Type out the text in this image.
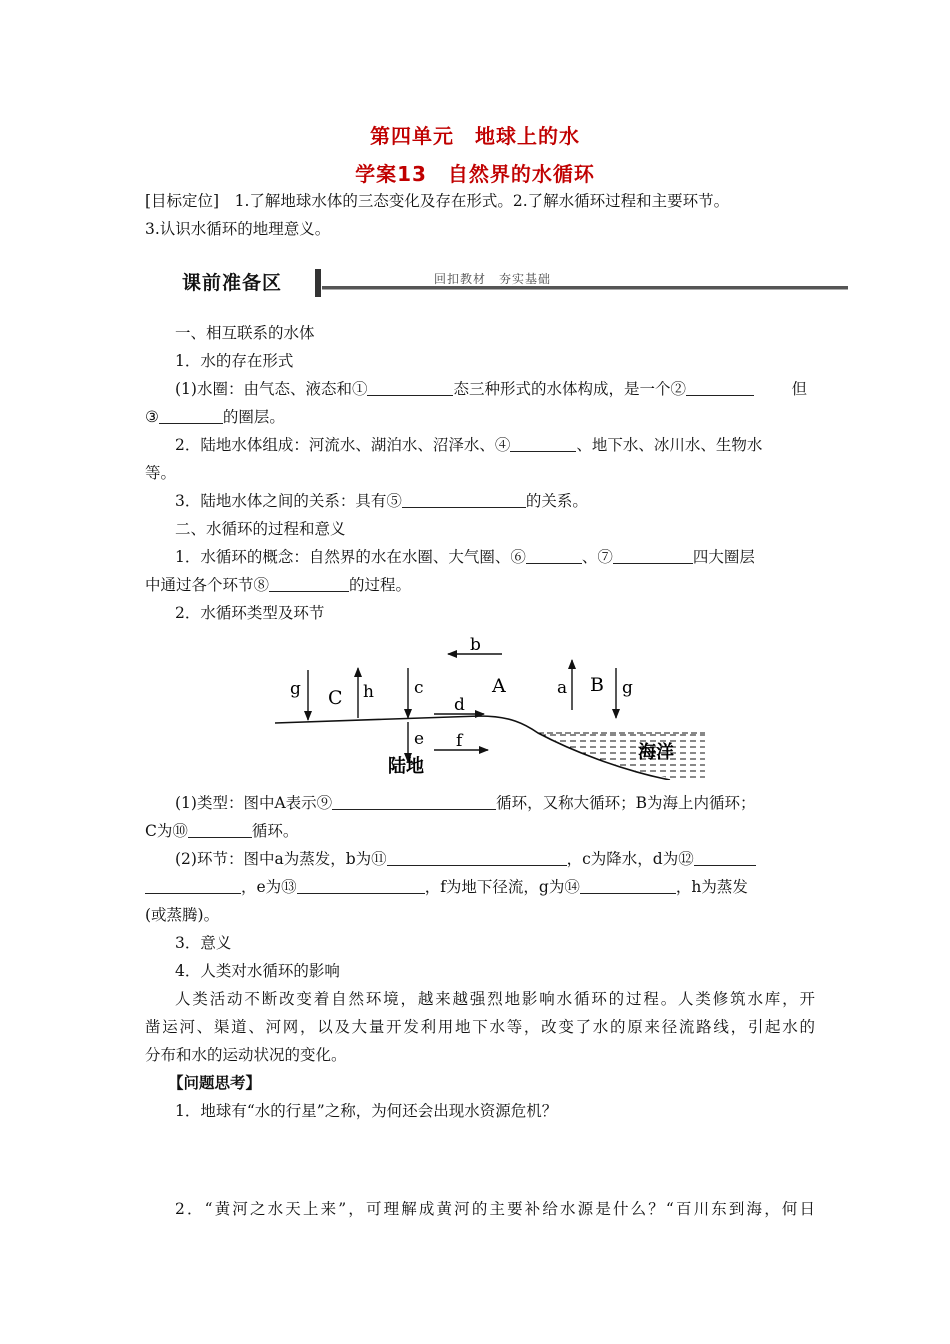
第四单元　地球上的水
学案13　自然界的水循环
[目标定位]　1.了解地球水体的三态变化及存在形式。2.了解水循环过程和主要环节。
3.认识水循环的地理意义。
课前准备区	回扣教材　夯实基础
一、相互联系的水体
1．水的存在形式
(1)水圈：由气态、液态和①	态三种形式的水体构成，是一个②	但
③	的圈层。
2．陆地水体组成：河流水、湖泊水、沼泽水、④	、地下水、冰川水、生物水
等。
3．陆地水体之间的关系：具有⑤	的关系。
二、水循环的过程和意义
1．水循环的概念：自然界的水在水圈、大气圈、⑥	、⑦	四大圈层
中通过各个环节⑧	的过程。
2．水循环类型及环节
b
g C h c	A
d
a B g
e f
陆地
海洋
(1)类型：图中A表示⑨	循环，又称大循环；B为海上内循环；
C为⑩	循环。
(2)环节：图中a为蒸发，b为⑪	，c为降水，d为⑫
，e为⑬	，f为地下径流，g为⑭	，h为蒸发
(或蒸腾)。
3．意义
4．人类对水循环的影响
人类活动不断改变着自然环境，越来越强烈地影响水循环的过程。人类修筑水库，开
凿运河、渠道、河网，以及大量开发利用地下水等，改变了水的原来径流路线，引起水的
分布和水的运动状况的变化。
【问题思考】
1．地球有“水的行星”之称，为何还会出现水资源危机？
2．“黄河之水天上来”，可理解成黄河的主要补给水源是什么？“百川东到海，何日
